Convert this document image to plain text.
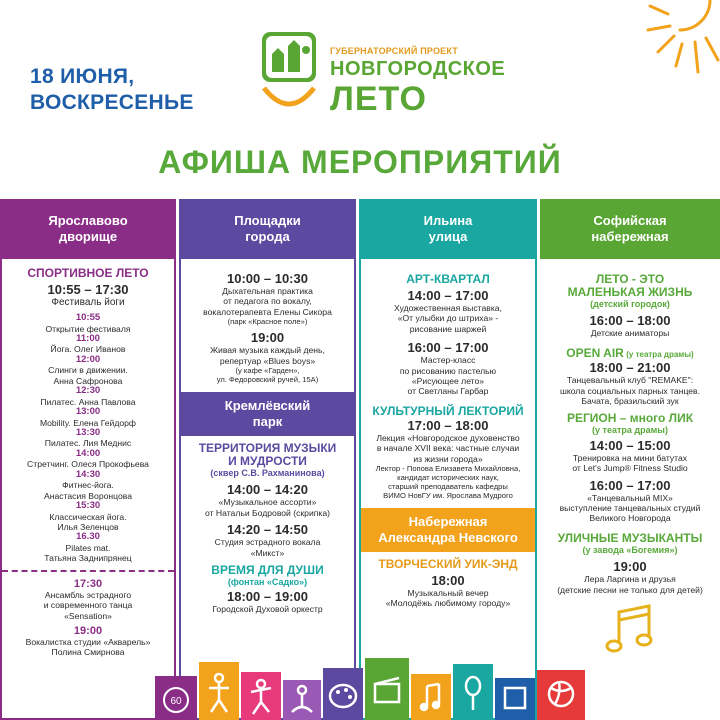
18 ИЮНЯ,
ВОСКРЕСЕНЬЕ
ГУБЕРНАТОРСКИЙ ПРОЕКТ
НОВГОРОДСКОЕ
ЛЕТО
АФИША МЕРОПРИЯТИЙ
Ярославово
дворище
СПОРТИВНОЕ ЛЕТО
10:55 – 17:30
Фестиваль йоги
10:55
Открытие фестиваля
11:00
Йога. Олег Иванов
12:00
Слинги в движении.
Анна Сафронова
12:30
Пилатес. Анна Павлова
13:00
Mobility. Елена Гейдорф
13:30
Пилатес. Лия Меднис
14:00
Стретчинг. Олеся Прокофьева
14:30
Фитнес-йога.
Анастасия Воронцова
15:30
Классическая йога.
Илья Зеленцов
16.30
Pilates mat.
Татьяна Заднипрянец
17:30
Ансамбль эстрадного
и современного танца
«Sensation»
19:00
Вокалистка студии «Акварель»
Полина Смирнова
Площадки
города
10:00 – 10:30
Дыхательная практика
от педагога по вокалу,
вокалотерапевта Елены Сикора
(парк «Красное поле»)
19:00
Живая музыка каждый день,
репертуар «Blues boys»
(у кафе «Гарден»,
ул. Федоровский ручей, 15А)
Кремлёвский
парк
ТЕРРИТОРИЯ МУЗЫКИ
И МУДРОСТИ
(сквер С.В. Рахманинова)
14:00 – 14:20
«Музыкальное ассорти»
от Натальи Бодровой (скрипка)
14:20 – 14:50
Студия эстрадного вокала
«Микст»
ВРЕМЯ ДЛЯ ДУШИ
(фонтан «Садко»)
18:00 – 19:00
Городской Духовой оркестр
Ильина
улица
АРТ-КВАРТАЛ
14:00 – 17:00
Художественная выставка,
«От улыбки до штриха» -
рисование шаржей
16:00 – 17:00
Мастер-класс
по рисованию пастелью
«Рисующее лето»
от Светланы Гарбар
КУЛЬТУРНЫЙ ЛЕКТОРИЙ
17:00 – 18:00
Лекция «Новгородское духовенство
в начале XVII века: частные случаи
из жизни города»
Лектор - Попова Елизавета Михайловна,
кандидат исторических наук,
старший преподаватель кафедры
ВИМО НовГУ им. Ярослава Мудрого
Набережная
Александра Невского
ТВОРЧЕСКИЙ УИК-ЭНД
18:00
Музыкальный вечер
«Молодёжь любимому городу»
Софийская
набережная
ЛЕТО - ЭТО
МАЛЕНЬКАЯ ЖИЗНЬ
(детский городок)
16:00 – 18:00
Детские аниматоры
OPEN AIR (у театра драмы)
18:00 – 21:00
Танцевальный клуб "REMAKE":
школа социальных парных танцев.
Бачата, бразильский зук
РЕГИОН – много ЛИК
(у театра драмы)
14:00 – 15:00
Тренировка на мини батутах
от Let's Jump® Fitness Studio
16:00 – 17:00
«Танцевальный MIX»
выступление танцевальных студий
Великого Новгорода
УЛИЧНЫЕ МУЗЫКАНТЫ
(у завода «Богемия»)
19:00
Лера Ларгина и друзья
(детские песни не только для детей)
60
